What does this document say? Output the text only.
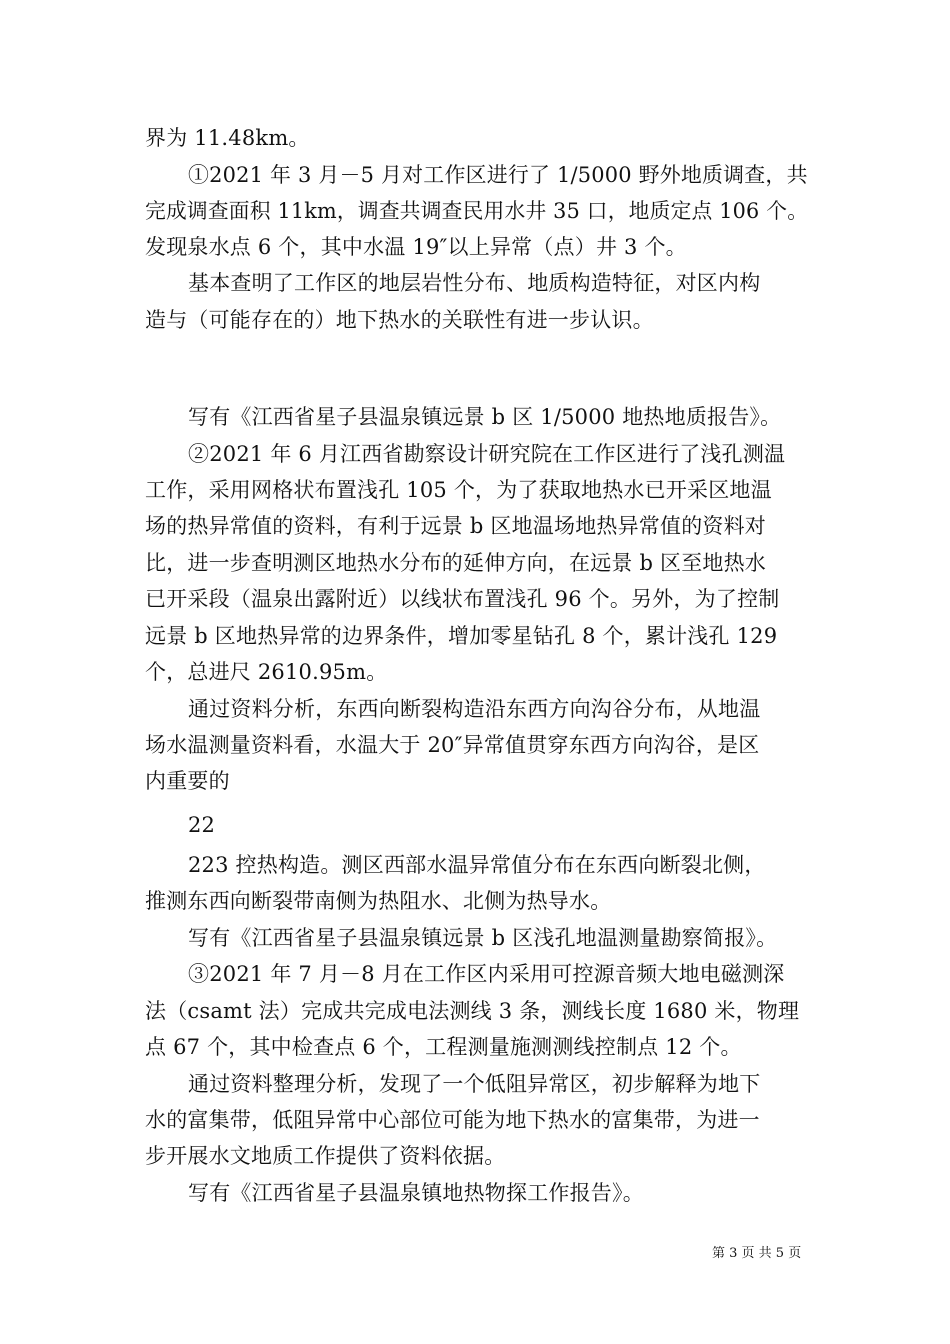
界为 11.48km。
①2021 年 3 月－5 月对工作区进行了 1/5000 野外地质调查，共
完成调查面积 11km，调查共调查民用水井 35 口，地质定点 106 个。
发现泉水点 6 个，其中水温 19″以上异常（点）井 3 个。
基本查明了工作区的地层岩性分布、地质构造特征，对区内构
造与（可能存在的）地下热水的关联性有进一步认识。
写有《江西省星子县温泉镇远景 b 区 1/5000 地热地质报告》。
②2021 年 6 月江西省勘察设计研究院在工作区进行了浅孔测温
工作，采用网格状布置浅孔 105 个，为了获取地热水已开采区地温
场的热异常值的资料，有利于远景 b 区地温场地热异常值的资料对
比，进一步查明测区地热水分布的延伸方向，在远景 b 区至地热水
已开采段（温泉出露附近）以线状布置浅孔 96 个。另外，为了控制
远景 b 区地热异常的边界条件，增加零星钻孔 8 个，累计浅孔 129
个，总进尺 2610.95m。
通过资料分析，东西向断裂构造沿东西方向沟谷分布，从地温
场水温测量资料看，水温大于 20″异常值贯穿东西方向沟谷，是区
内重要的
22
223 控热构造。测区西部水温异常值分布在东西向断裂北侧，
推测东西向断裂带南侧为热阻水、北侧为热导水。
写有《江西省星子县温泉镇远景 b 区浅孔地温测量勘察简报》。
③2021 年 7 月－8 月在工作区内采用可控源音频大地电磁测深
法（csamt 法）完成共完成电法测线 3 条，测线长度 1680 米，物理
点 67 个，其中检查点 6 个，工程测量施测测线控制点 12 个。
通过资料整理分析，发现了一个低阻异常区，初步解释为地下
水的富集带，低阻异常中心部位可能为地下热水的富集带，为进一
步开展水文地质工作提供了资料依据。
写有《江西省星子县温泉镇地热物探工作报告》。
第 3 页 共 5 页
